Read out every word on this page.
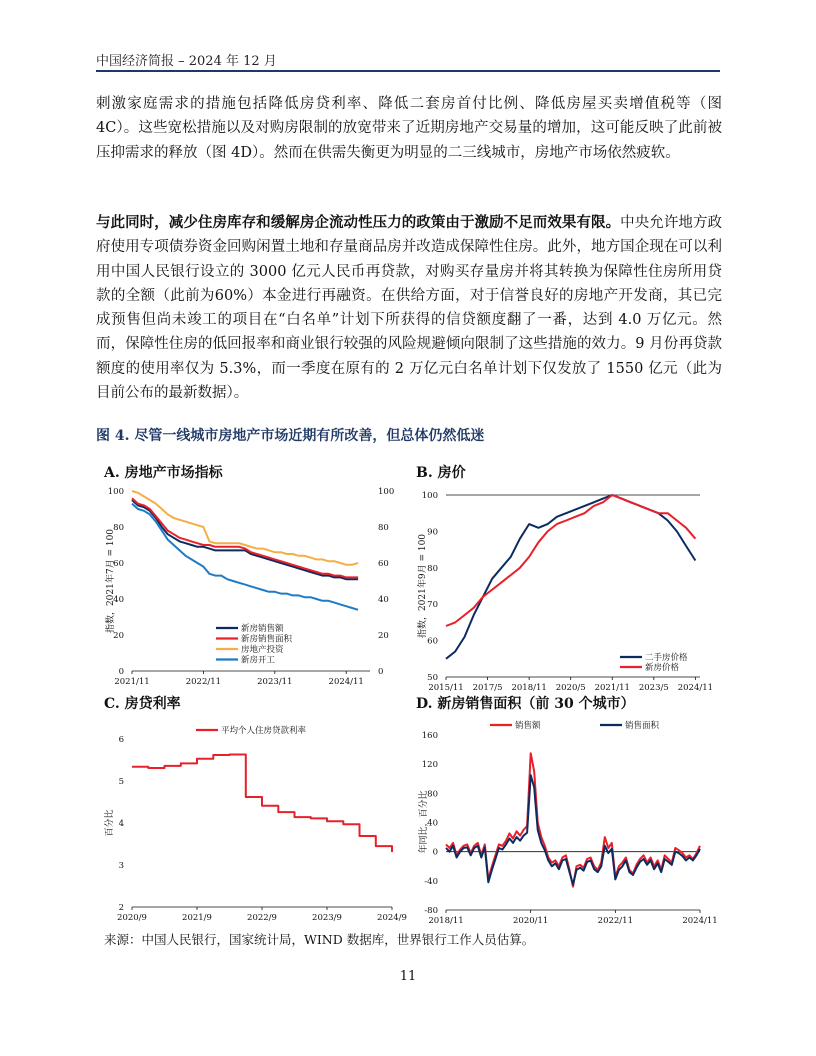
中国经济简报 – 2024 年 12 月

刺激家庭需求的措施包括降低房贷利率、降低二套房首付比例、降低房屋买卖增值税等（图 4C）。这些宽松措施以及对购房限制的放宽带来了近期房地产交易量的增加，这可能反映了此前被压抑需求的释放（图 4D）。然而在供需失衡更为明显的二三线城市，房地产市场依然疲软。

与此同时，减少住房库存和缓解房企流动性压力的政策由于激励不足而效果有限。中央允许地方政府使用专项债券资金回购闲置土地和存量商品房并改造成保障性住房。此外，地方国企现在可以利用中国人民银行设立的 3000 亿元人民币再贷款，对购买存量房并将其转换为保障性住房所用贷款的全额（此前为60%）本金进行再融资。在供给方面，对于信誉良好的房地产开发商，其已完成预售但尚未竣工的项目在“白名单”计划下所获得的信贷额度翻了一番，达到 4.0 万亿元。然而，保障性住房的低回报率和商业银行较强的风险规避倾向限制了这些措施的效力。9 月份再贷款额度的使用率仅为 5.3%，而一季度在原有的 2 万亿元白名单计划下仅发放了 1550 亿元（此为目前公布的最新数据）。

图 4. 尽管一线城市房地产市场近期有所改善，但总体仍然低迷
A. 房地产市场指标	B. 房价
C. 房贷利率	D. 新房销售面积（前 30 个城市）
0	0
20	20
40	40
60	60
80	80
100	100
2021/11	2022/11	2023/11	2024/11
指数，2021年7月 = 100	新房销售额
新房销售面积
房地产投资
新房开工
50
60
70
80
90
100
2015/11 2017/5 2018/11 2020/5 2021/11 2023/5 2024/11
指数，2021年9月 = 100
二手房价格
新房价格
2
3
4
5
6
2020/9	2021/9	2022/9	2023/9	2024/9
百分比
平均个人住房贷款利率
-80
-40
0
40
80
120
160
2018/11	2020/11	2022/11	2024/11
年同比，百分比
销售额	销售面积
来源：中国人民银行，国家统计局，WIND 数据库，世界银行工作人员估算。
11
